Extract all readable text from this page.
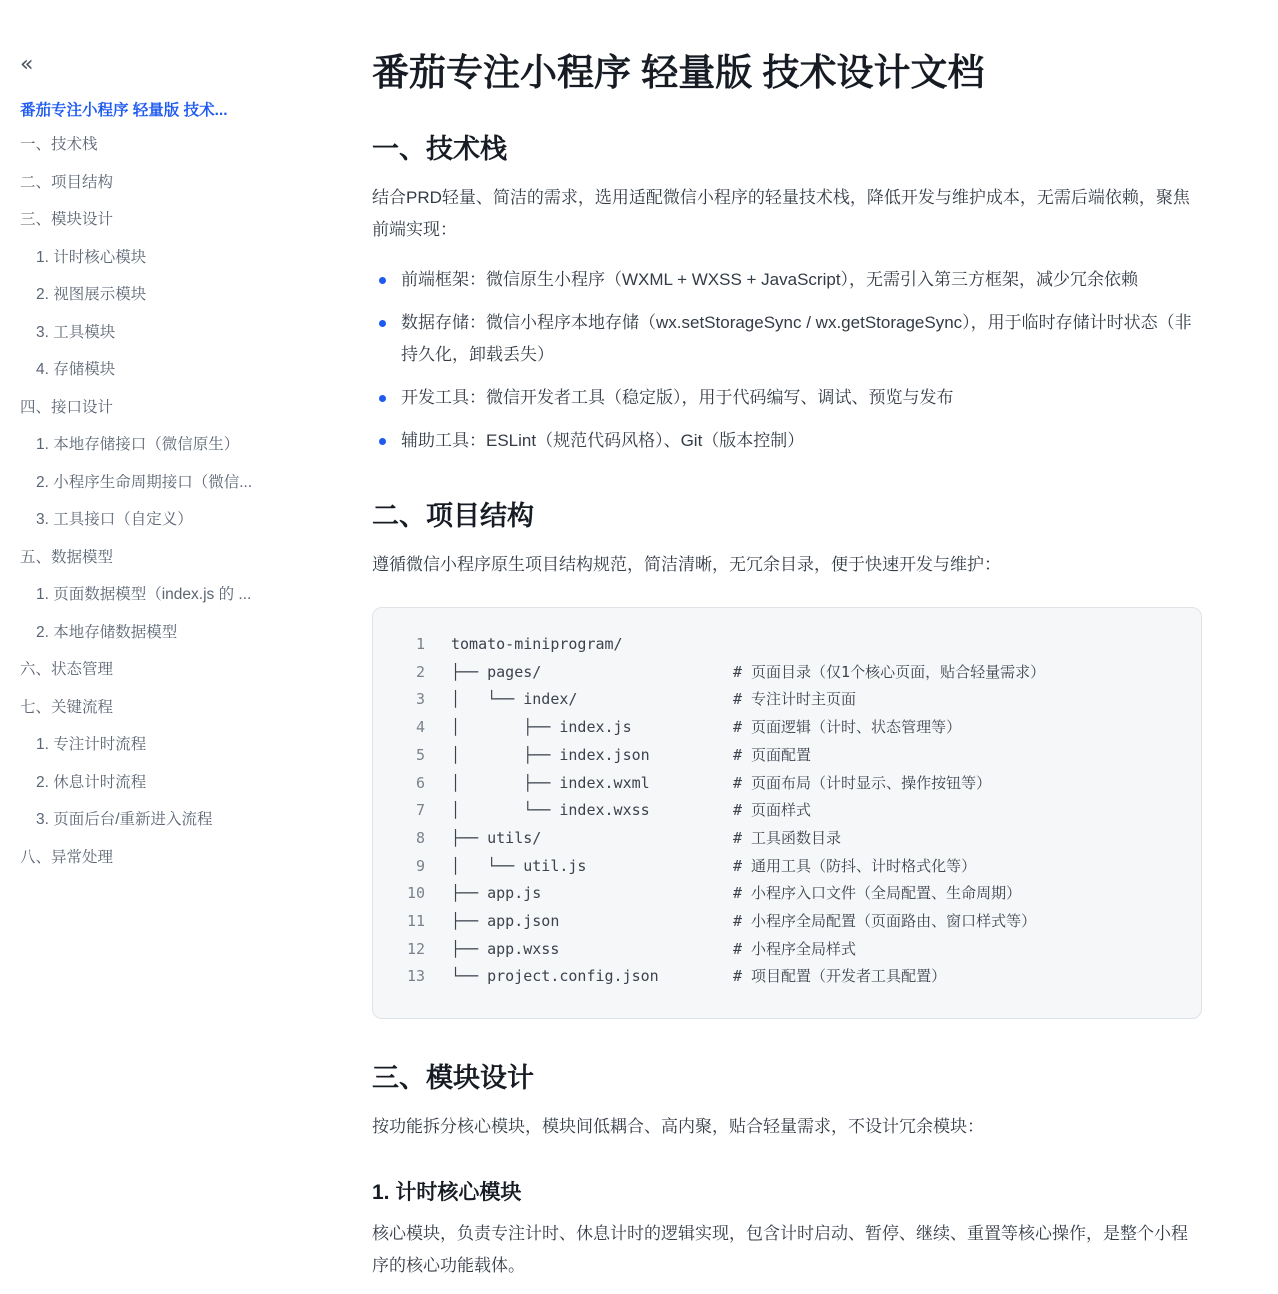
«
番茄专注小程序 轻量版 技术...
一、技术栈
二、项目结构
三、模块设计
1. 计时核心模块
2. 视图展示模块
3. 工具模块
4. 存储模块
四、接口设计
1. 本地存储接口（微信原生）
2. 小程序生命周期接口（微信...
3. 工具接口（自定义）
五、数据模型
1. 页面数据模型（index.js 的 ...
2. 本地存储数据模型
六、状态管理
七、关键流程
1. 专注计时流程
2. 休息计时流程
3. 页面后台/重新进入流程
八、异常处理
番茄专注小程序 轻量版 技术设计文档
一、技术栈

结合PRD轻量、简洁的需求，选用适配微信小程序的轻量技术栈，降低开发与维护成本，无需后端依赖，聚焦前端实现：

前端框架：微信原生小程序（WXML + WXSS + JavaScript），无需引入第三方框架，减少冗余依赖
数据存储：微信小程序本地存储（wx.setStorageSync / wx.getStorageSync），用于临时存储计时状态（非持久化，卸载丢失）
开发工具：微信开发者工具（稳定版），用于代码编写、调试、预览与发布
辅助工具：ESLint（规范代码风格）、Git（版本控制）
二、项目结构

遵循微信小程序原生项目结构规范，简洁清晰，无冗余目录，便于快速开发与维护：

1 tomato-miniprogram/
2 ├── pages/	# 页面目录（仅1个核心页面，贴合轻量需求）
3 │   └── index/	# 专注计时主页面
4 │       ├── index.js	# 页面逻辑（计时、状态管理等）
5 │       ├── index.json	# 页面配置
6 │       ├── index.wxml	# 页面布局（计时显示、操作按钮等）
7 │       └── index.wxss	# 页面样式
8 ├── utils/	# 工具函数目录
9 │   └── util.js	# 通用工具（防抖、计时格式化等）
10 ├── app.js	# 小程序入口文件（全局配置、生命周期）
11 ├── app.json	# 小程序全局配置（页面路由、窗口样式等）
12 ├── app.wxss	# 小程序全局样式
13 └── project.config.json	# 项目配置（开发者工具配置）
三、模块设计

按功能拆分核心模块，模块间低耦合、高内聚，贴合轻量需求，不设计冗余模块：

1. 计时核心模块

核心模块，负责专注计时、休息计时的逻辑实现，包含计时启动、暂停、继续、重置等核心操作，是整个小程序的核心功能载体。
